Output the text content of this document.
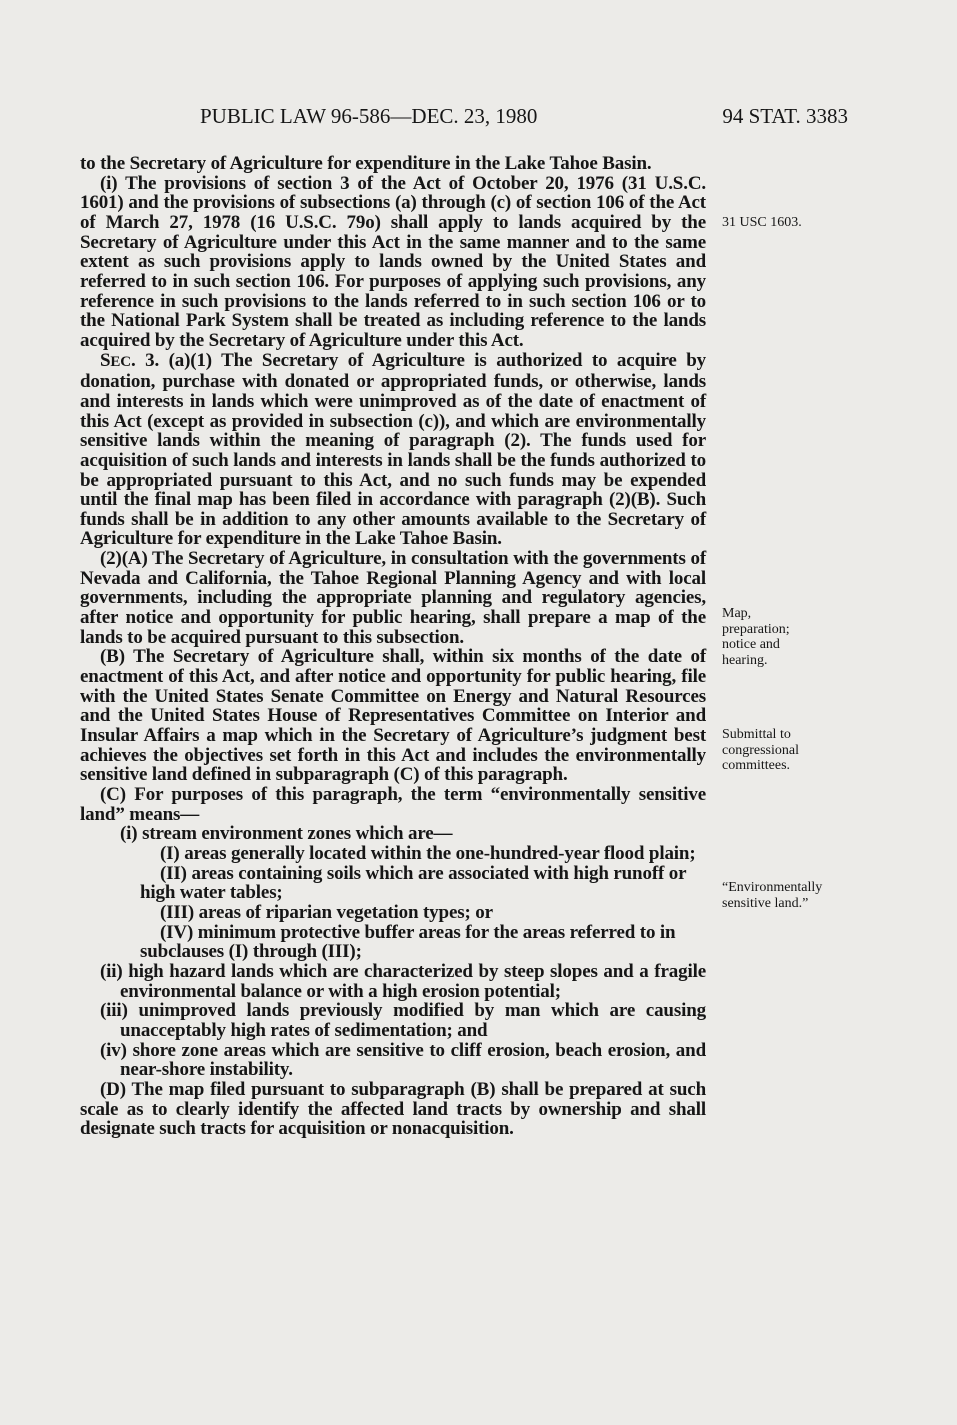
PUBLIC LAW 96-586—DEC. 23, 1980	94 STAT. 3383

to the Secretary of Agriculture for expenditure in the Lake Tahoe Basin.

(i) The provisions of section 3 of the Act of October 20, 1976 (31 U.S.C. 1601) and the provisions of subsections (a) through (c) of section 106 of the Act of March 27, 1978 (16 U.S.C. 79o) shall apply to lands acquired by the Secretary of Agriculture under this Act in the same manner and to the same extent as such provisions apply to lands owned by the United States and referred to in such section 106. For purposes of applying such provisions, any reference in such provisions to the lands referred to in such section 106 or to the National Park System shall be treated as including reference to the lands acquired by the Secretary of Agriculture under this Act.

SEC. 3. (a)(1) The Secretary of Agriculture is authorized to acquire by donation, purchase with donated or appropriated funds, or otherwise, lands and interests in lands which were unimproved as of the date of enactment of this Act (except as provided in subsection (c)), and which are environmentally sensitive lands within the meaning of paragraph (2). The funds used for acquisition of such lands and interests in lands shall be the funds authorized to be appropriated pursuant to this Act, and no such funds may be expended until the final map has been filed in accordance with paragraph (2)(B). Such funds shall be in addition to any other amounts available to the Secretary of Agriculture for expenditure in the Lake Tahoe Basin.

(2)(A) The Secretary of Agriculture, in consultation with the governments of Nevada and California, the Tahoe Regional Planning Agency and with local governments, including the appropriate planning and regulatory agencies, after notice and opportunity for public hearing, shall prepare a map of the lands to be acquired pursuant to this subsection.

(B) The Secretary of Agriculture shall, within six months of the date of enactment of this Act, and after notice and opportunity for public hearing, file with the United States Senate Committee on Energy and Natural Resources and the United States House of Representatives Committee on Interior and Insular Affairs a map which in the Secretary of Agriculture’s judgment best achieves the objectives set forth in this Act and includes the environmentally sensitive land defined in subparagraph (C) of this paragraph.

(C) For purposes of this paragraph, the term “environmentally sensitive land” means—

(i) stream environment zones which are—

(I) areas generally located within the one-hundred-year flood plain;

(II) areas containing soils which are associated with high runoff or high water tables;

(III) areas of riparian vegetation types; or

(IV) minimum protective buffer areas for the areas referred to in subclauses (I) through (III);

(ii) high hazard lands which are characterized by steep slopes and a fragile environmental balance or with a high erosion potential;

(iii) unimproved lands previously modified by man which are causing unacceptably high rates of sedimentation; and

(iv) shore zone areas which are sensitive to cliff erosion, beach erosion, and near-shore instability.

(D) The map filed pursuant to subparagraph (B) shall be prepared at such scale as to clearly identify the affected land tracts by ownership and shall designate such tracts for acquisition or nonacquisition.

31 USC 1603.
Map, preparation; notice and hearing.
Submittal to congressional committees.
“Environmentally sensitive land.”
